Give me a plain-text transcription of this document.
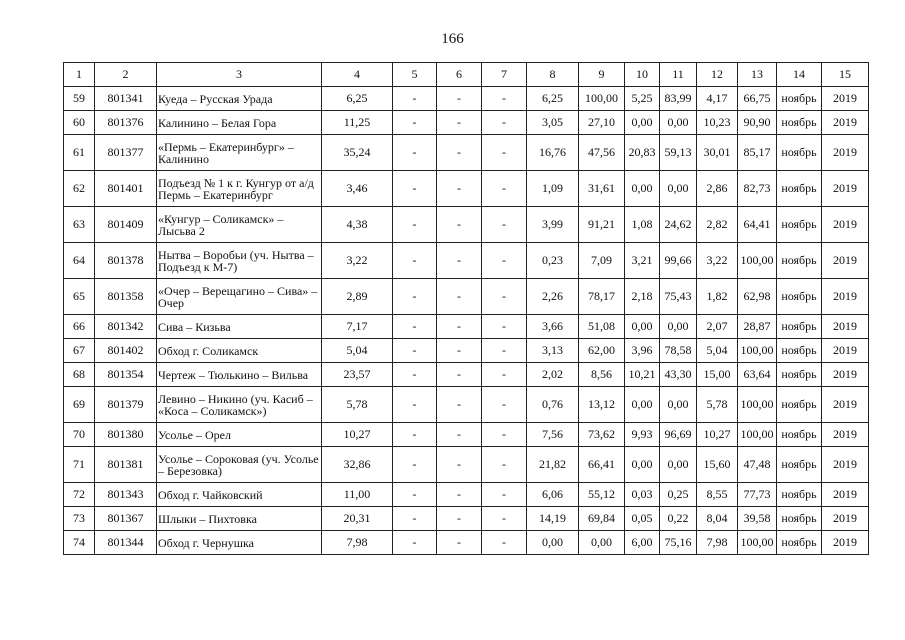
166
1	2	3	4	5	6	7	8	9	10	11	12	13	14	15
59	801341	Куеда – Русская Урада	6,25	-	-	-	6,25	100,00	5,25	83,99	4,17	66,75	ноябрь	2019
60	801376	Калинино – Белая Гора	11,25	-	-	-	3,05	27,10	0,00	0,00	10,23	90,90	ноябрь	2019
61	801377	«Пермь – Екатеринбург» – Калинино	35,24	-	-	-	16,76	47,56	20,83	59,13	30,01	85,17	ноябрь	2019
62	801401	Подъезд № 1 к г. Кунгур от а/д Пермь – Екатеринбург	3,46	-	-	-	1,09	31,61	0,00	0,00	2,86	82,73	ноябрь	2019
63	801409	«Кунгур – Соликамск» – Лысьва 2	4,38	-	-	-	3,99	91,21	1,08	24,62	2,82	64,41	ноябрь	2019
64	801378	Нытва – Воробьи (уч. Нытва – Подъезд к М-7)	3,22	-	-	-	0,23	7,09	3,21	99,66	3,22	100,00	ноябрь	2019
65	801358	«Очер – Верещагино – Сива» – Очер	2,89	-	-	-	2,26	78,17	2,18	75,43	1,82	62,98	ноябрь	2019
66	801342	Сива – Кизьва	7,17	-	-	-	3,66	51,08	0,00	0,00	2,07	28,87	ноябрь	2019
67	801402	Обход г. Соликамск	5,04	-	-	-	3,13	62,00	3,96	78,58	5,04	100,00	ноябрь	2019
68	801354	Чертеж – Тюлькино – Вильва	23,57	-	-	-	2,02	8,56	10,21	43,30	15,00	63,64	ноябрь	2019
69	801379	Левино – Никино (уч. Касиб – «Коса – Соликамск»)	5,78	-	-	-	0,76	13,12	0,00	0,00	5,78	100,00	ноябрь	2019
70	801380	Усолье – Орел	10,27	-	-	-	7,56	73,62	9,93	96,69	10,27	100,00	ноябрь	2019
71	801381	Усолье – Сороковая (уч. Усолье – Березовка)	32,86	-	-	-	21,82	66,41	0,00	0,00	15,60	47,48	ноябрь	2019
72	801343	Обход г. Чайковский	11,00	-	-	-	6,06	55,12	0,03	0,25	8,55	77,73	ноябрь	2019
73	801367	Шлыки – Пихтовка	20,31	-	-	-	14,19	69,84	0,05	0,22	8,04	39,58	ноябрь	2019
74	801344	Обход г. Чернушка	7,98	-	-	-	0,00	0,00	6,00	75,16	7,98	100,00	ноябрь	2019
